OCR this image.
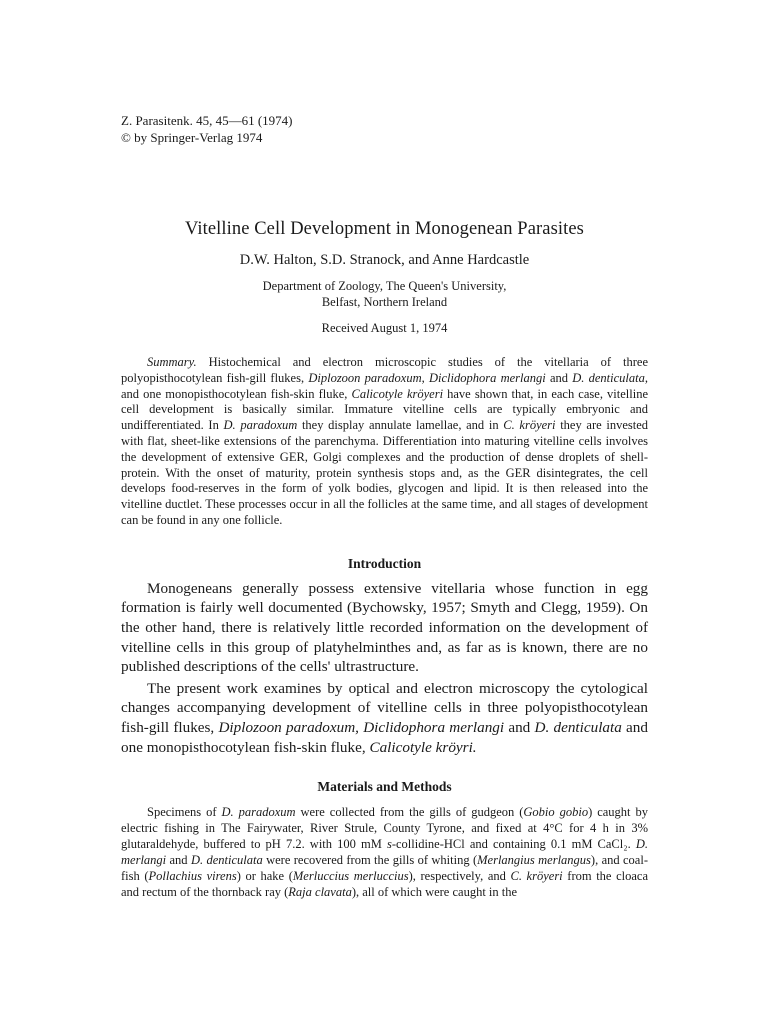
Z. Parasitenk. 45, 45—61 (1974)
© by Springer-Verlag 1974
Vitelline Cell Development in Monogenean Parasites
D.W. Halton, S.D. Stranock, and Anne Hardcastle
Department of Zoology, The Queen's University,
Belfast, Northern Ireland
Received August 1, 1974
Summary. Histochemical and electron microscopic studies of the vitellaria of three polyopisthocotylean fish-gill flukes, Diplozoon paradoxum, Diclidophora merlangi and D. denticulata, and one monopisthocotylean fish-skin fluke, Calicotyle kröyeri have shown that, in each case, vitelline cell development is basically similar. Immature vitelline cells are typically embryonic and undifferentiated. In D. paradoxum they display annulate lamellae, and in C. kröyeri they are invested with flat, sheet-like extensions of the parenchyma. Differentiation into maturing vitelline cells involves the development of extensive GER, Golgi complexes and the production of dense droplets of shell-protein. With the onset of maturity, protein synthesis stops and, as the GER disintegrates, the cell develops food-reserves in the form of yolk bodies, glycogen and lipid. It is then released into the vitelline ductlet. These processes occur in all the follicles at the same time, and all stages of development can be found in any one follicle.
Introduction

Monogeneans generally possess extensive vitellaria whose function in egg formation is fairly well documented (Bychowsky, 1957; Smyth and Clegg, 1959). On the other hand, there is relatively little recorded information on the development of vitelline cells in this group of platyhelminthes and, as far as is known, there are no published descriptions of the cells' ultrastructure.

The present work examines by optical and electron microscopy the cytological changes accompanying development of vitelline cells in three polyopisthocotylean fish-gill flukes, Diplozoon paradoxum, Diclidophora merlangi and D. denticulata and one monopisthocotylean fish-skin fluke, Calicotyle kröyri.

Materials and Methods
Specimens of D. paradoxum were collected from the gills of gudgeon (Gobio gobio) caught by electric fishing in The Fairywater, River Strule, County Tyrone, and fixed at 4°C for 4 h in 3% glutaraldehyde, buffered to pH 7.2. with 100 mM s-collidine-HCl and containing 0.1 mM CaCl₂. D. merlangi and D. denticulata were recovered from the gills of whiting (Merlangius merlangus), and coal-fish (Pollachius virens) or hake (Merluccius merluccius), respectively, and C. kröyeri from the cloaca and rectum of the thornback ray (Raja clavata), all of which were caught in the
